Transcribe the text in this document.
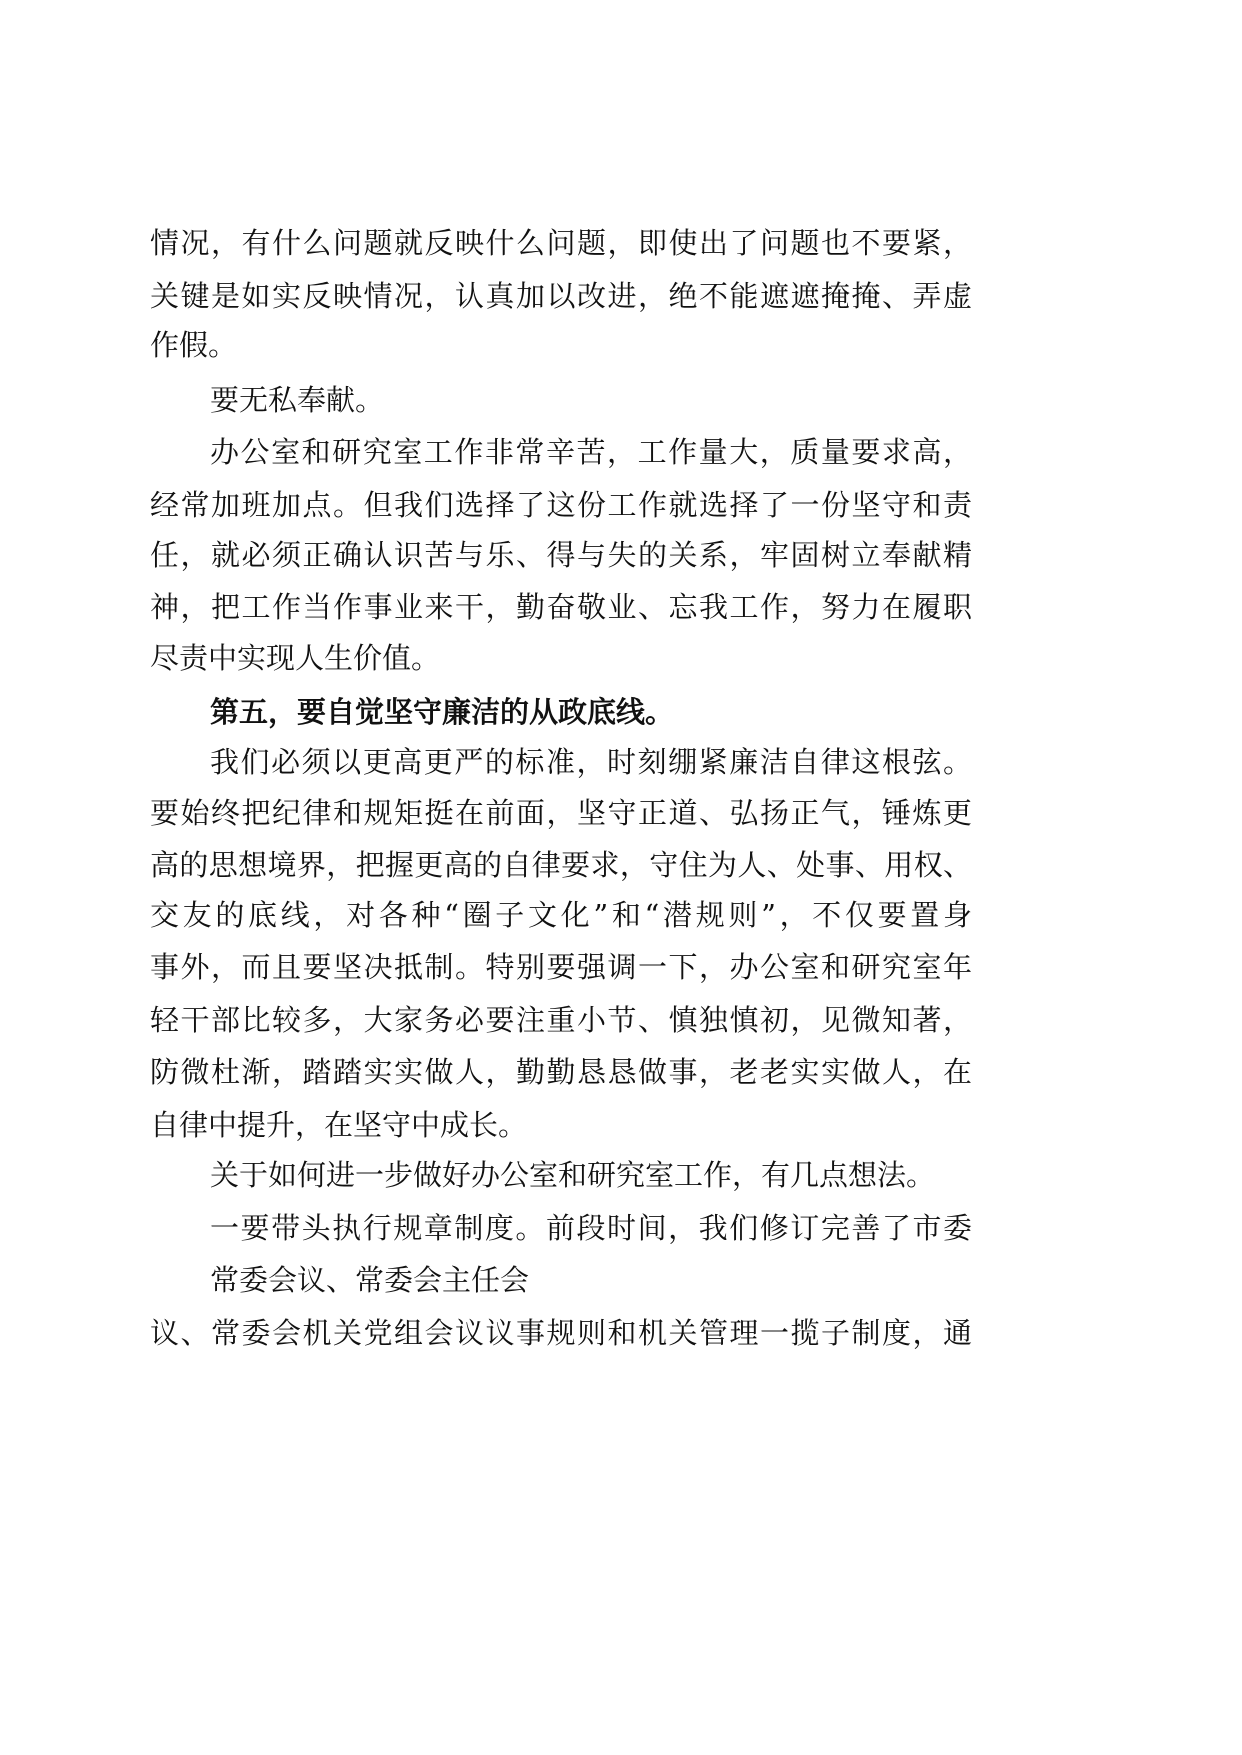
情况，有什么问题就反映什么问题，即使出了问题也不要紧，
关键是如实反映情况，认真加以改进，绝不能遮遮掩掩、弄虚
作假。
要无私奉献。
办公室和研究室工作非常辛苦，工作量大，质量要求高，
经常加班加点。但我们选择了这份工作就选择了一份坚守和责
任，就必须正确认识苦与乐、得与失的关系，牢固树立奉献精
神，把工作当作事业来干，勤奋敬业、忘我工作，努力在履职
尽责中实现人生价值。
第五，要自觉坚守廉洁的从政底线。
我们必须以更高更严的标准，时刻绷紧廉洁自律这根弦。
要始终把纪律和规矩挺在前面，坚守正道、弘扬正气，锤炼更
高的思想境界，把握更高的自律要求，守住为人、处事、用权、
交友的底线，对各种“圈子文化”和“潜规则”，不仅要置身
事外，而且要坚决抵制。特别要强调一下，办公室和研究室年
轻干部比较多，大家务必要注重小节、慎独慎初，见微知著，
防微杜渐，踏踏实实做人，勤勤恳恳做事，老老实实做人，在
自律中提升，在坚守中成长。
关于如何进一步做好办公室和研究室工作，有几点想法。
一要带头执行规章制度。前段时间，我们修订完善了市委
常委会议、常委会主任会
议、常委会机关党组会议议事规则和机关管理一揽子制度，通
